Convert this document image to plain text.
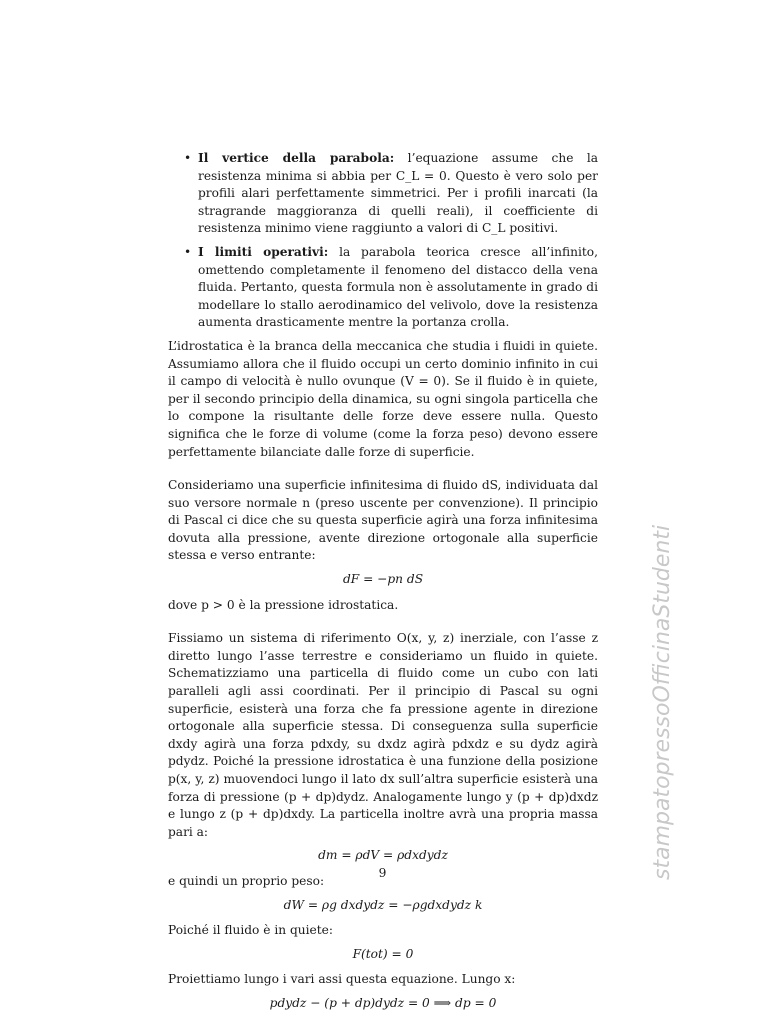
• Il vertice della parabola: l’equazione assume che la resistenza minima si abbia per C_L = 0. Questo è vero solo per profili alari perfettamente simmetrici. Per i profili inarcati (la stragrande maggioranza di quelli reali), il coefficiente di resistenza minimo viene raggiunto a valori di C_L positivi.
• I limiti operativi: la parabola teorica cresce all’infinito, omettendo completamente il fenomeno del distacco della vena fluida. Pertanto, questa formula non è assolutamente in grado di modellare lo stallo aerodinamico del velivolo, dove la resistenza aumenta drasticamente mentre la portanza crolla.

L’idrostatica è la branca della meccanica che studia i fluidi in quiete. Assumiamo allora che il fluido occupi un certo dominio infinito in cui il campo di velocità è nullo ovunque (V = 0). Se il fluido è in quiete, per il secondo principio della dinamica, su ogni singola particella che lo compone la risultante delle forze deve essere nulla. Questo significa che le forze di volume (come la forza peso) devono essere perfettamente bilanciate dalle forze di superficie.

Consideriamo una superficie infinitesima di fluido dS, individuata dal suo versore normale n (preso uscente per convenzione). Il principio di Pascal ci dice che su questa superficie agirà una forza infinitesima dovuta alla pressione, avente direzione ortogonale alla superficie stessa e verso entrante:

dF = −pn dS

dove p > 0 è la pressione idrostatica.

Fissiamo un sistema di riferimento O(x, y, z) inerziale, con l’asse z diretto lungo l’asse terrestre e consideriamo un fluido in quiete. Schematizziamo una particella di fluido come un cubo con lati paralleli agli assi coordinati. Per il principio di Pascal su ogni superficie, esisterà una forza che fa pressione agente in direzione ortogonale alla superficie stessa. Di conseguenza sulla superficie dxdy agirà una forza pdxdy, su dxdz agirà pdxdz e su dydz agirà pdydz. Poiché la pressione idrostatica è una funzione della posizione p(x, y, z) muovendoci lungo il lato dx sull’altra superficie esisterà una forza di pressione (p + dp)dydz. Analogamente lungo y (p + dp)dxdz e lungo z (p + dp)dxdy. La particella inoltre avrà una propria massa pari a:

dm = ρdV = ρdxdydz

e quindi un proprio peso:

dW = ρg dxdydz = −ρgdxdydz k

Poiché il fluido è in quiete:

F(tot) = 0

Proiettiamo lungo i vari assi questa equazione. Lungo x:

pdydz − (p + dp)dydz = 0 ⟹ dp = 0
9	stampatopressoOfficinaStudenti
